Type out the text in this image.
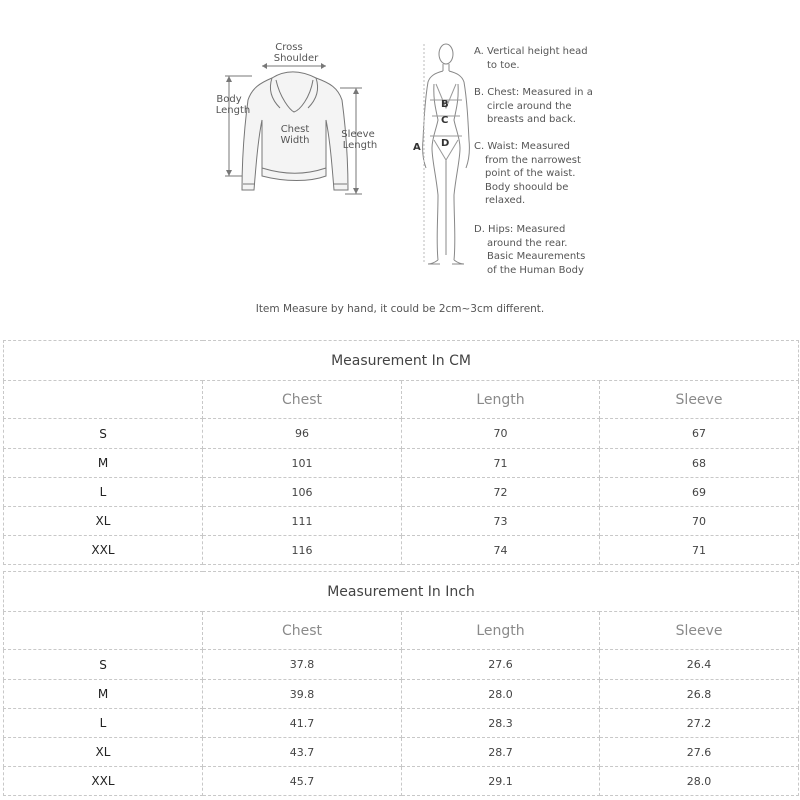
Cross
Shoulder
Body
Length
Chest
Width
Sleeve
Length
B
C
D
A
A. Vertical height head
to toe.
B. Chest: Measured in a
circle around the
breasts and back.
C. Waist: Measured
from the narrowest
point of the waist.
Body shoould be
relaxed.
D. Hips: Measured
around the rear.
Basic Meaurements
of the Human Body
Item Measure by hand, it could be 2cm~3cm different.
Measurement In CM			
	Chest	Length	Sleeve
S	96	70	67
M	101	71	68
L	106	72	69
XL	111	73	70
XXL	116	74	71
Measurement In Inch			
	Chest	Length	Sleeve
S	37.8	27.6	26.4
M	39.8	28.0	26.8
L	41.7	28.3	27.2
XL	43.7	28.7	27.6
XXL	45.7	29.1	28.0
